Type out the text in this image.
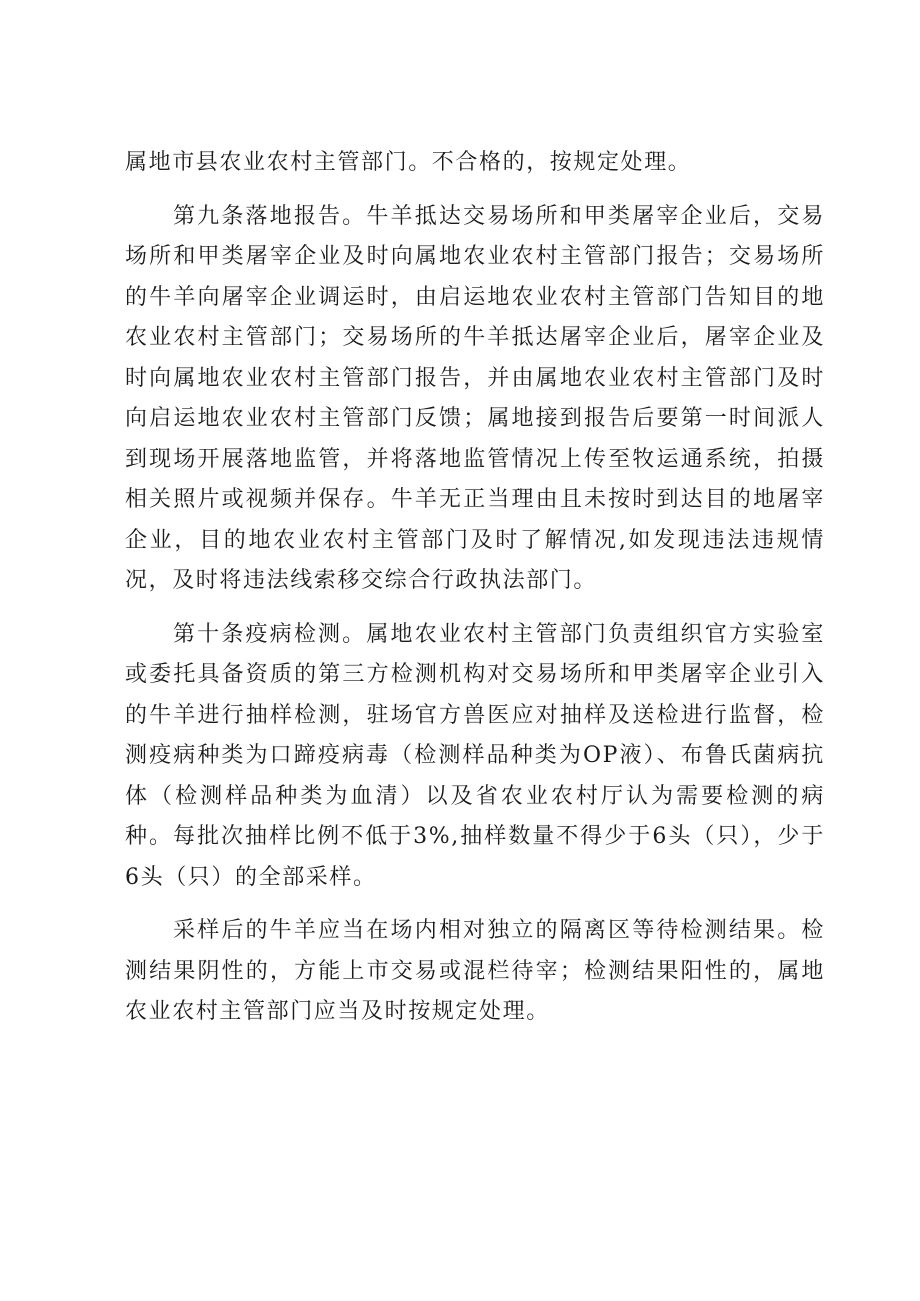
属地市县农业农村主管部门。不合格的，按规定处理。

第九条落地报告。牛羊抵达交易场所和甲类屠宰企业后，交易场所和甲类屠宰企业及时向属地农业农村主管部门报告；交易场所的牛羊向屠宰企业调运时，由启运地农业农村主管部门告知目的地农业农村主管部门；交易场所的牛羊抵达屠宰企业后，屠宰企业及时向属地农业农村主管部门报告，并由属地农业农村主管部门及时向启运地农业农村主管部门反馈；属地接到报告后要第一时间派人到现场开展落地监管，并将落地监管情况上传至牧运通系统，拍摄相关照片或视频并保存。牛羊无正当理由且未按时到达目的地屠宰企业，目的地农业农村主管部门及时了解情况,如发现违法违规情况，及时将违法线索移交综合行政执法部门。

第十条疫病检测。属地农业农村主管部门负责组织官方实验室或委托具备资质的第三方检测机构对交易场所和甲类屠宰企业引入的牛羊进行抽样检测，驻场官方兽医应对抽样及送检进行监督，检测疫病种类为口蹄疫病毒（检测样品种类为OP液）、布鲁氏菌病抗体（检测样品种类为血清）以及省农业农村厅认为需要检测的病种。每批次抽样比例不低于3%,抽样数量不得少于6头（只），少于6头（只）的全部采样。

采样后的牛羊应当在场内相对独立的隔离区等待检测结果。检测结果阴性的，方能上市交易或混栏待宰；检测结果阳性的，属地农业农村主管部门应当及时按规定处理。
